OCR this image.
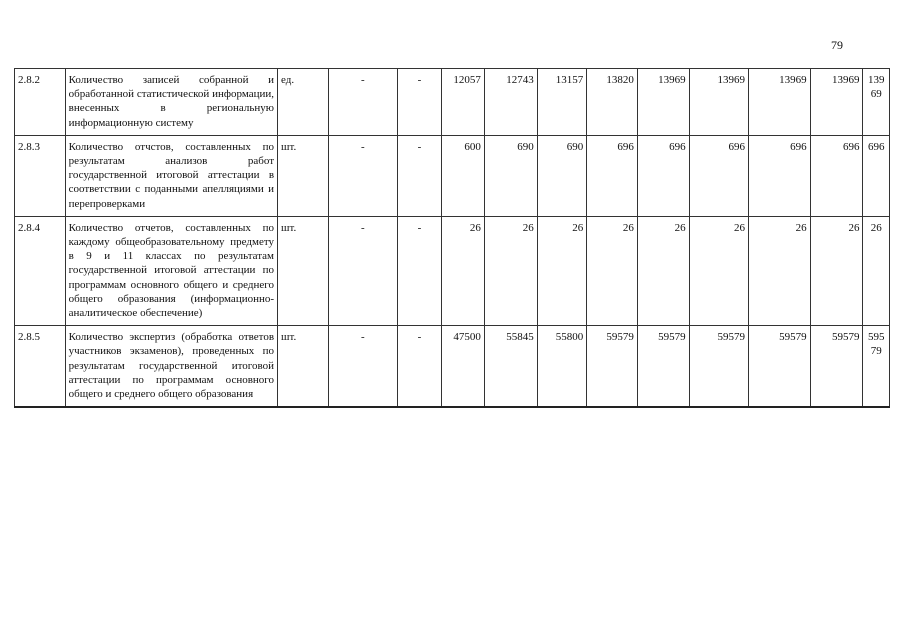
79
2.8.2	Количество записей собранной и обработанной статистической информации, внесенных в региональную информационную систему	ед.	-	-	12057	12743	13157	13820	13969	13969	13969	13969	13969
2.8.3	Количество отчстов, составленных по результатам анализов работ государственной итоговой аттестации в соответствии с поданными апелляциями и перепроверками	шт.	-	-	600	690	690	696	696	696	696	696	696
2.8.4	Количество отчетов, составленных по каждому общеобразовательному предмету в 9 и 11 классах по результатам государственной итоговой аттестации по программам основного общего и среднего общего образования (информационно-аналитическое обеспечение)	шт.	-	-	26	26	26	26	26	26	26	26	26
2.8.5	Количество экспертиз (обработка ответов участников экзаменов), проведенных по результатам государственной итоговой аттестации по программам основного общего и среднего общего образования	шт.	-	-	47500	55845	55800	59579	59579	59579	59579	59579	59579
